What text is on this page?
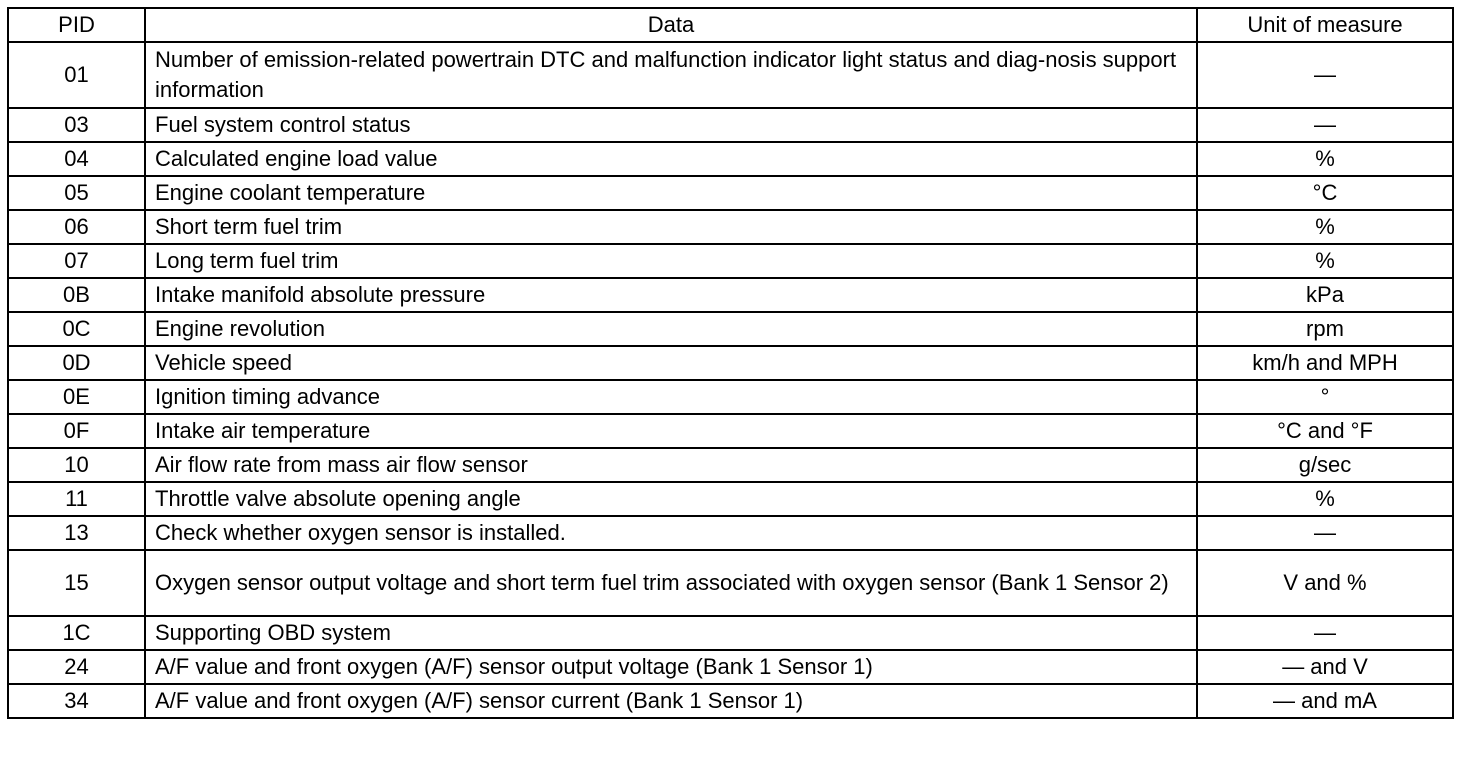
PID	Data	Unit of measure
01	Number of emission-related powertrain DTC and malfunction indicator light status and diag-nosis support information	—
03	Fuel system control status	—
04	Calculated engine load value	%
05	Engine coolant temperature	°C
06	Short term fuel trim	%
07	Long term fuel trim	%
0B	Intake manifold absolute pressure	kPa
0C	Engine revolution	rpm
0D	Vehicle speed	km/h and MPH
0E	Ignition timing advance	°
0F	Intake air temperature	°C and °F
10	Air flow rate from mass air flow sensor	g/sec
11	Throttle valve absolute opening angle	%
13	Check whether oxygen sensor is installed.	—
15	Oxygen sensor output voltage and short term fuel trim associated with oxygen sensor (Bank 1 Sensor 2)	V and %
1C	Supporting OBD system	—
24	A/F value and front oxygen (A/F) sensor output voltage (Bank 1 Sensor 1)	— and V
34	A/F value and front oxygen (A/F) sensor current (Bank 1 Sensor 1)	— and mA
